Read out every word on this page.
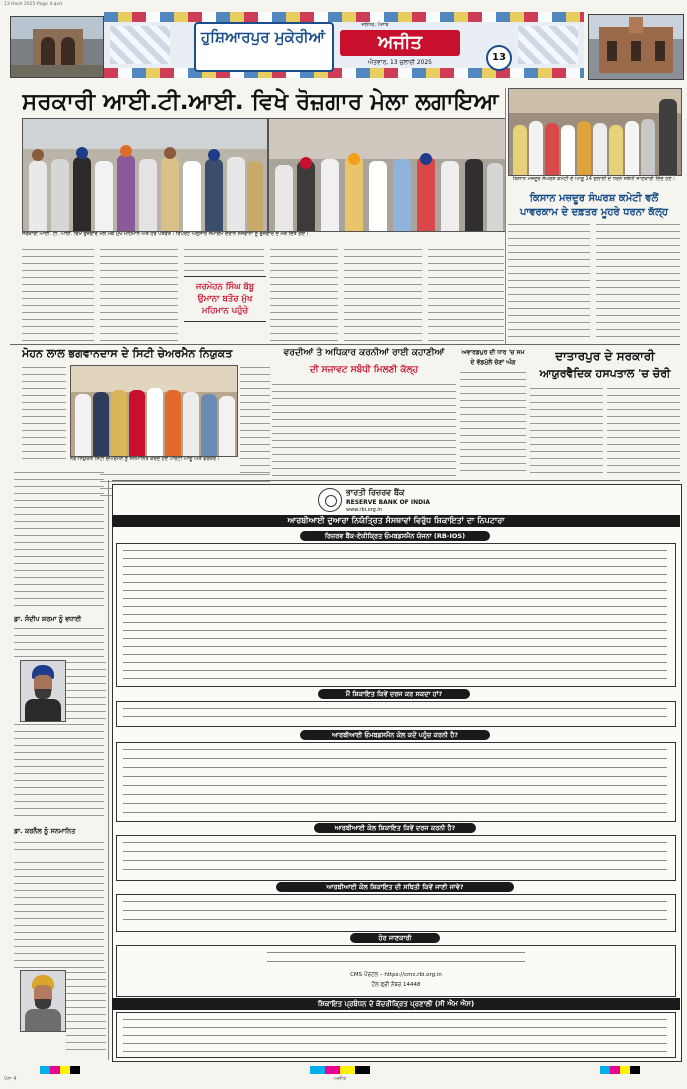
13 Hosh 2025-Page 4.qxd
ਹੁਸ਼ਿਆਰਪੁਰ ਮੁਕੇਰੀਆਂ
ਜਲੰਧਰ, ਪੰਜਾਬ
ਅਜੀਤ
ਐਤਵਾਰ, 13 ਜੁਲਾਈ 2025	13
ਸਰਕਾਰੀ ਆਈ.ਟੀ.ਆਈ. ਵਿਖੇ ਰੋਜ਼ਗਾਰ ਮੇਲਾ ਲਗਾਇਆ
ਸਰਕਾਰੀ ਆਈ. ਟੀ. ਆਈ. ਵਿਖੇ ਰੁਜ਼ਗਾਰ ਮੇਲੇ ਮੌਕੇ ਮੁੱਖ ਮਹਿਮਾਨ ਅਤੇ ਹੋਰ ਪਤਵੰਤੇ। ਰਿਪੋਰਟ ਅਨੁਸਾਰ ਸਮਾਗਮ ਦੌਰਾਨ ਨੌਜਵਾਨਾਂ ਨੂੰ ਰੁਜ਼ਗਾਰ ਦੇ ਮੌਕੇ ਦਿੱਤੇ ਗਏ।
ਜਰਮੇਹਨ ਸਿੰਘ ਬੱਬੂ ਉਮਾਨਾ ਬਤੌਰ ਮੁੱਖ ਮਹਿਮਾਨ ਪਹੁੰਚੇ
ਕਿਸਾਨ ਮਜ਼ਦੂਰ ਸੰਘਰਸ਼ ਕਮੇਟੀ ਦੇ ਆਗੂ 14 ਜੁਲਾਈ ਦੇ ਧਰਨੇ ਸਬੰਧੀ ਜਾਣਕਾਰੀ ਦਿੰਦੇ ਹੋਏ।
ਕਿਸਾਨ ਮਜ਼ਦੂਰ ਸੰਘਰਸ਼ ਕਮੇਟੀ ਵਲੋਂ
ਪਾਵਰਕਾਮ ਦੇ ਦਫ਼ਤਰ ਮੂਹਰੇ ਧਰਨਾ ਕੱਲ੍ਹ
ਮੋਹਨ ਲਾਲ ਭਗਵਾਨਦਾਸ ਦੇ ਸਿਟੀ ਚੇਅਰਮੈਨ ਨਿਯੁਕਤ
ਨਵ-ਨਿਯੁਕਤ ਸਿਟੀ ਚੇਅਰਮੈਨ ਨੂੰ ਸਨਮਾਨਿਤ ਕਰਦੇ ਹੋਏ ਪਾਰਟੀ ਆਗੂ ਅਤੇ ਵਰਕਰ।
ਵਰਦੀਆਂ ਤੇ ਅਧਿਕਾਰ ਕਰਨੀਆਂ ਰਾਈ ਕਹਾਣੀਆਂ
ਦੀ ਸਜਾਵਟ ਸਬੰਧੀ ਮਿਲਣੀ ਕੱਲ੍ਹ
ਅਵਾਰਡਪੁਰ ਦੀ ਧਾਰ 'ਚ ਸਮ
ਦੇ ਵੱਡਮੁੱਲੇ ਚੋਣਾਂ ਅੰਗ	ਦਾਤਾਰਪੁਰ ਦੇ ਸਰਕਾਰੀ
ਆਯੁਰਵੈਦਿਕ ਹਸਪਤਾਲ 'ਚ ਚੋਰੀ
ਡਾ. ਸੰਦੀਪ ਸ਼ਰਮਾ ਨੂੰ ਵਧਾਈ
ਡਾ. ਕਰਨੈਲ ਨੂੰ ਸਨਮਾਨਿਤ
ਭਾਰਤੀ ਰਿਜ਼ਰਵ ਬੈਂਕ
RESERVE BANK OF INDIA
www.rbi.org.in
ਆਰਬੀਆਈ ਦੁਆਰਾ ਨਿਯੰਤ੍ਰਿਤ ਸੰਸਥਾਵਾਂ ਵਿਰੁੱਧ ਸ਼ਿਕਾਇਤਾਂ ਦਾ ਨਿਪਟਾਰਾ
ਰਿਜ਼ਰਵ ਬੈਂਕ-ਏਕੀਕ੍ਰਿਤ ਓਮਬਡਸਮੈਨ ਯੋਜਨਾ (RB-IOS)
ਮੈਂ ਸ਼ਿਕਾਇਤ ਕਿਵੇਂ ਦਰਜ ਕਰ ਸਕਦਾ ਹਾਂ?
ਆਰਬੀਆਈ ਓਮਬਡਸਮੈਨ ਕੋਲ ਕਦੋਂ ਪਹੁੰਚ ਕਰਨੀ ਹੈ?
ਆਰਬੀਆਈ ਕੋਲ ਸ਼ਿਕਾਇਤ ਕਿਵੇਂ ਦਰਜ ਕਰਨੀ ਹੈ?
ਆਰਬੀਆਈ ਕੋਲ ਸ਼ਿਕਾਇਤ ਦੀ ਸਥਿਤੀ ਕਿਵੇਂ ਜਾਣੀ ਜਾਵੇ?
ਹੋਰ ਜਾਣਕਾਰੀ
CMS ਪੋਰਟਲ – https://cms.rbi.org.in
ਟੋਲ ਫ੍ਰੀ ਨੰਬਰ 14448
ਸ਼ਿਕਾਇਤ ਪ੍ਰਬੰਧਨ ਦੇ ਕੇਂਦਰੀਕ੍ਰਿਤ ਪ੍ਰਣਾਲੀ (ਸੀ ਐਮ ਐਸ)
ਪੰਨਾ 4	ਅਜੀਤ
